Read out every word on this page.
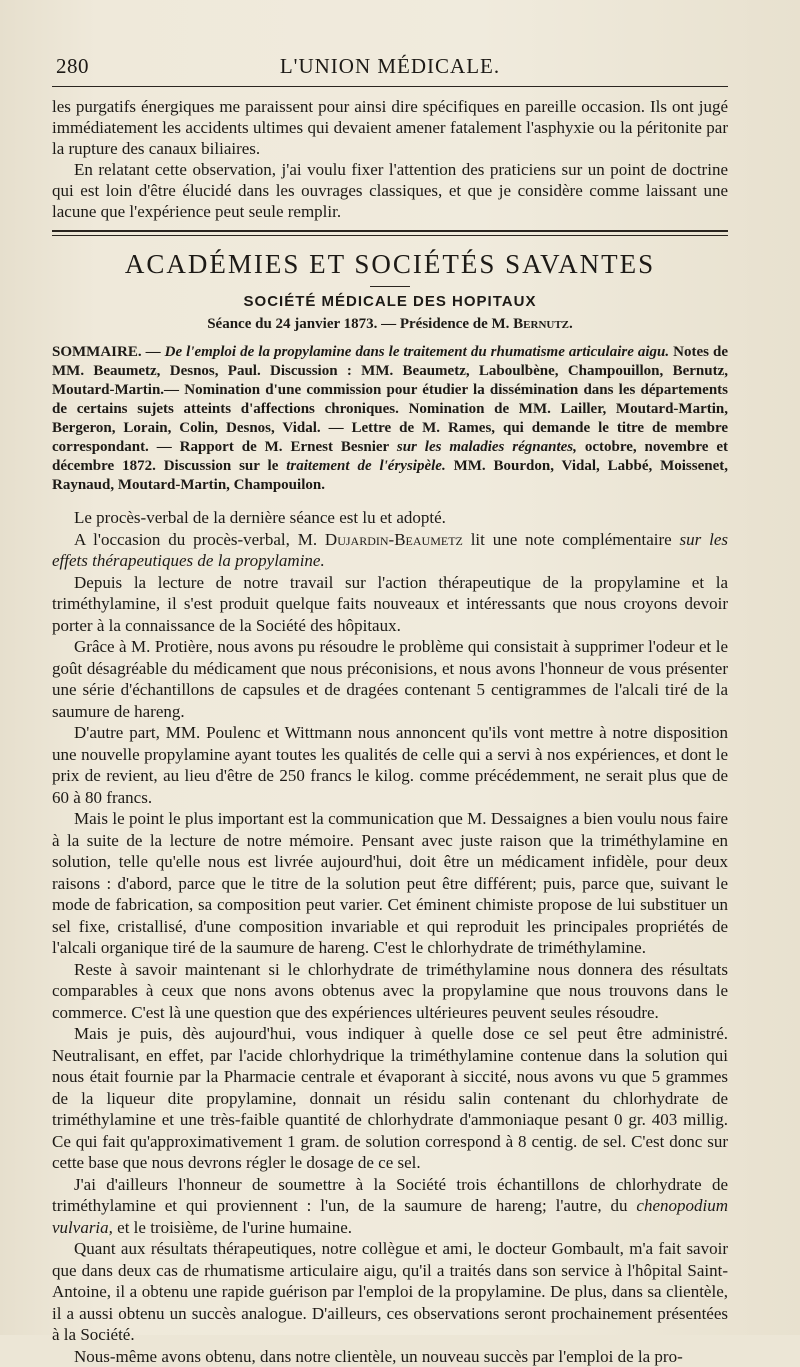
280	L'UNION MÉDICALE.

les purgatifs énergiques me paraissent pour ainsi dire spécifiques en pareille occasion. Ils ont jugé immédiatement les accidents ultimes qui devaient amener fatalement l'asphyxie ou la péritonite par la rupture des canaux biliaires.

En relatant cette observation, j'ai voulu fixer l'attention des praticiens sur un point de doctrine qui est loin d'être élucidé dans les ouvrages classiques, et que je considère comme laissant une lacune que l'expérience peut seule remplir.

ACADÉMIES ET SOCIÉTÉS SAVANTES
SOCIÉTÉ MÉDICALE DES HOPITAUX
Séance du 24 janvier 1873. — Présidence de M. Bernutz.
SOMMAIRE. — De l'emploi de la propylamine dans le traitement du rhumatisme articulaire aigu. Notes de MM. Beaumetz, Desnos, Paul. Discussion : MM. Beaumetz, Laboulbène, Champouillon, Bernutz, Moutard-Martin.— Nomination d'une commission pour étudier la dissémination dans les départements de certains sujets atteints d'affections chroniques. Nomination de MM. Lailler, Moutard-Martin, Bergeron, Lorain, Colin, Desnos, Vidal. — Lettre de M. Rames, qui demande le titre de membre correspondant. — Rapport de M. Ernest Besnier sur les maladies régnantes, octobre, novembre et décembre 1872. Discussion sur le traitement de l'érysipèle. MM. Bourdon, Vidal, Labbé, Moissenet, Raynaud, Moutard-Martin, Champouilon.

Le procès-verbal de la dernière séance est lu et adopté.

A l'occasion du procès-verbal, M. Dujardin-Beaumetz lit une note complémentaire sur les effets thérapeutiques de la propylamine.

Depuis la lecture de notre travail sur l'action thérapeutique de la propylamine et la triméthylamine, il s'est produit quelque faits nouveaux et intéressants que nous croyons devoir porter à la connaissance de la Société des hôpitaux.

Grâce à M. Protière, nous avons pu résoudre le problème qui consistait à supprimer l'odeur et le goût désagréable du médicament que nous préconisions, et nous avons l'honneur de vous présenter une série d'échantillons de capsules et de dragées contenant 5 centigrammes de l'alcali tiré de la saumure de hareng.

D'autre part, MM. Poulenc et Wittmann nous annoncent qu'ils vont mettre à notre disposition une nouvelle propylamine ayant toutes les qualités de celle qui a servi à nos expériences, et dont le prix de revient, au lieu d'être de 250 francs le kilog. comme précédemment, ne serait plus que de 60 à 80 francs.

Mais le point le plus important est la communication que M. Dessaignes a bien voulu nous faire à la suite de la lecture de notre mémoire. Pensant avec juste raison que la triméthylamine en solution, telle qu'elle nous est livrée aujourd'hui, doit être un médicament infidèle, pour deux raisons : d'abord, parce que le titre de la solution peut être différent; puis, parce que, suivant le mode de fabrication, sa composition peut varier. Cet éminent chimiste propose de lui substituer un sel fixe, cristallisé, d'une composition invariable et qui reproduit les principales propriétés de l'alcali organique tiré de la saumure de hareng. C'est le chlorhydrate de triméthylamine.

Reste à savoir maintenant si le chlorhydrate de triméthylamine nous donnera des résultats comparables à ceux que nons avons obtenus avec la propylamine que nous trouvons dans le commerce. C'est là une question que des expériences ultérieures peuvent seules résoudre.

Mais je puis, dès aujourd'hui, vous indiquer à quelle dose ce sel peut être administré. Neutralisant, en effet, par l'acide chlorhydrique la triméthylamine contenue dans la solution qui nous était fournie par la Pharmacie centrale et évaporant à siccité, nous avons vu que 5 grammes de la liqueur dite propylamine, donnait un résidu salin contenant du chlorhydrate de triméthylamine et une très-faible quantité de chlorhydrate d'ammoniaque pesant 0 gr. 403 millig. Ce qui fait qu'approximativement 1 gram. de solution correspond à 8 centig. de sel. C'est donc sur cette base que nous devrons régler le dosage de ce sel.

J'ai d'ailleurs l'honneur de soumettre à la Société trois échantillons de chlorhydrate de triméthylamine et qui proviennent : l'un, de la saumure de hareng; l'autre, du chenopodium vulvaria, et le troisième, de l'urine humaine.

Quant aux résultats thérapeutiques, notre collègue et ami, le docteur Gombault, m'a fait savoir que dans deux cas de rhumatisme articulaire aigu, qu'il a traités dans son service à l'hôpital Saint-Antoine, il a obtenu une rapide guérison par l'emploi de la propylamine. De plus, dans sa clientèle, il a aussi obtenu un succès analogue. D'ailleurs, ces observations seront prochainement présentées à la Société.

Nous-même avons obtenu, dans notre clientèle, un nouveau succès par l'emploi de la pro-
